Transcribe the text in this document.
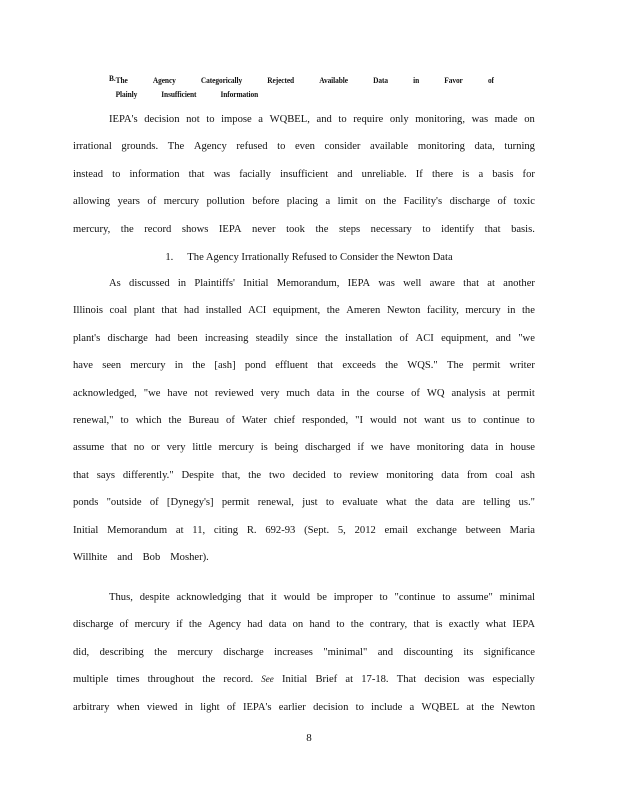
B. The	Agency	Categorically	Rejected	Available	Data	in	Favor	of
Plainly	Insufficient	Information
IEPA's decision not to impose a WQBEL, and to require only monitoring, was made on
irrational grounds. The Agency refused to even consider available monitoring data, turning
instead to information that was facially insufficient and unreliable. If there is a basis for
allowing years of mercury pollution before placing a limit on the Facility's discharge of toxic
mercury, the record shows IEPA never took the steps necessary to identify that basis.
1. The Agency Irrationally Refused to Consider the Newton Data
As discussed in Plaintiffs' Initial Memorandum, IEPA was well aware that at another
Illinois coal plant that had installed ACI equipment, the Ameren Newton facility, mercury in the
plant's discharge had been increasing steadily since the installation of ACI equipment, and "we
have seen mercury in the [ash] pond effluent that exceeds the WQS." The permit writer
acknowledged, "we have not reviewed very much data in the course of WQ analysis at permit
renewal," to which the Bureau of Water chief responded, "I would not want us to continue to
assume that no or very little mercury is being discharged if we have monitoring data in house
that says differently." Despite that, the two decided to review monitoring data from coal ash
ponds "outside of [Dynegy's] permit renewal, just to evaluate what the data are telling us."
Initial Memorandum at 11, citing R. 692-93 (Sept. 5, 2012 email exchange between Maria
Willhite and Bob Mosher).
Thus, despite acknowledging that it would be improper to "continue to assume" minimal
discharge of mercury if the Agency had data on hand to the contrary, that is exactly what IEPA
did, describing the mercury discharge increases "minimal" and discounting its significance
multiple times throughout the record. See Initial Brief at 17-18. That decision was especially
arbitrary when viewed in light of IEPA's earlier decision to include a WQBEL at the Newton
8
